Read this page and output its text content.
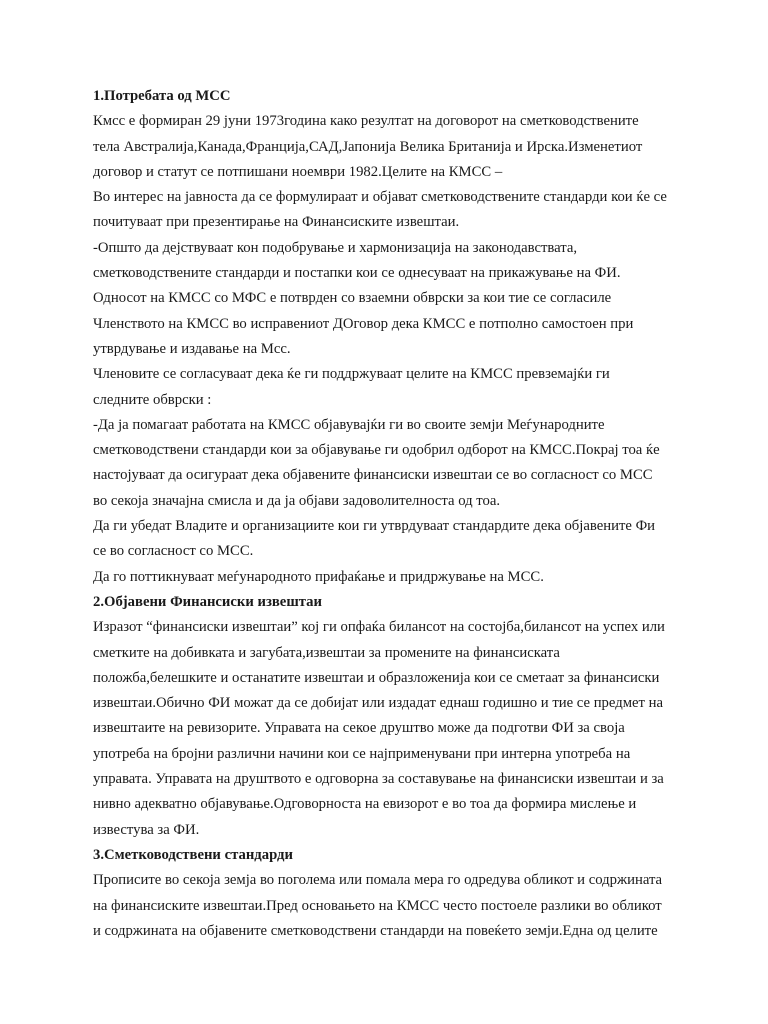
1.Потребата од МСС
Кмсс е формиран 29 јуни 1973година како резултат на договорот на сметководствените
тела Австралија,Канада,Франција,САД,Јапонија Велика Британија и Ирска.Изменетиот
договор и статут се потпишани ноември 1982.Целите на КМСС –
Во интерес на јавноста да се формулираат и објават сметководствените стандарди кои ќе се
почитуваат при презентирање на Финансиските извештаи.
-Општо да дејствуваат кон подобрување и хармонизација на законодавствата,
сметководствените стандарди и постапки кои се однесуваат на прикажување на ФИ.
Односот на КМСС со МФС е потврден со взаемни обврски за кои тие се согласиле
Членството на КМСС во исправениот ДОговор дека КМСС е потполно самостоен при
утврдување и издавање на Мсс.
Членовите се согласуваат дека ќе ги поддржуваат целите на КМСС превземајќи ги
следните обврски :
-Да ја помагаат работата на КМСС објавувајќи ги во своите земји Меѓународните
сметководствени стандарди кои за објавување ги одобрил одборот на КМСС.Покрај тоа ќе
настојуваат да осигураат дека објавените финансиски извештаи се во согласност со МСС
во секоја значајна смисла и да ја објави задоволителноста од тоа.
Да ги убедат Владите и организациите кои ги утврдуваат стандардите дека објавените Фи
се во согласност со МСС.
Да го поттикнуваат меѓународното прифаќање и придржување на МСС.
2.Објавени Финансиски извештаи
Изразот “финансиски извештаи” кој ги опфаќа билансот на состојба,билансот на успех или
сметките на добивката и загубата,извештаи за промените на финансиската
положба,белешките и останатите извештаи и образложенија кои се сметаат за финансиски
извештаи.Обично ФИ можат да се добијат или издадат еднаш годишно и тие се предмет на
извештаите на ревизорите. Управата на секое друштво може да подготви ФИ за своја
употреба на бројни различни начини кои се најприменувани при интерна употреба на
управата. Управата на друштвото е одговорна за составување на финансиски извештаи и за
нивно адекватно објавување.Одговорноста на евизорот е во тоа да формира мислење и
известува за ФИ.
3.Сметководствени стандарди
Прописите во секоја земја во поголема или помала мера го одредува обликот и содржината
на финансиските извештаи.Пред основањето на КМСС често постоеле разлики во обликот
и содржината на објавените сметководствени стандарди на повеќето земји.Една од целите
